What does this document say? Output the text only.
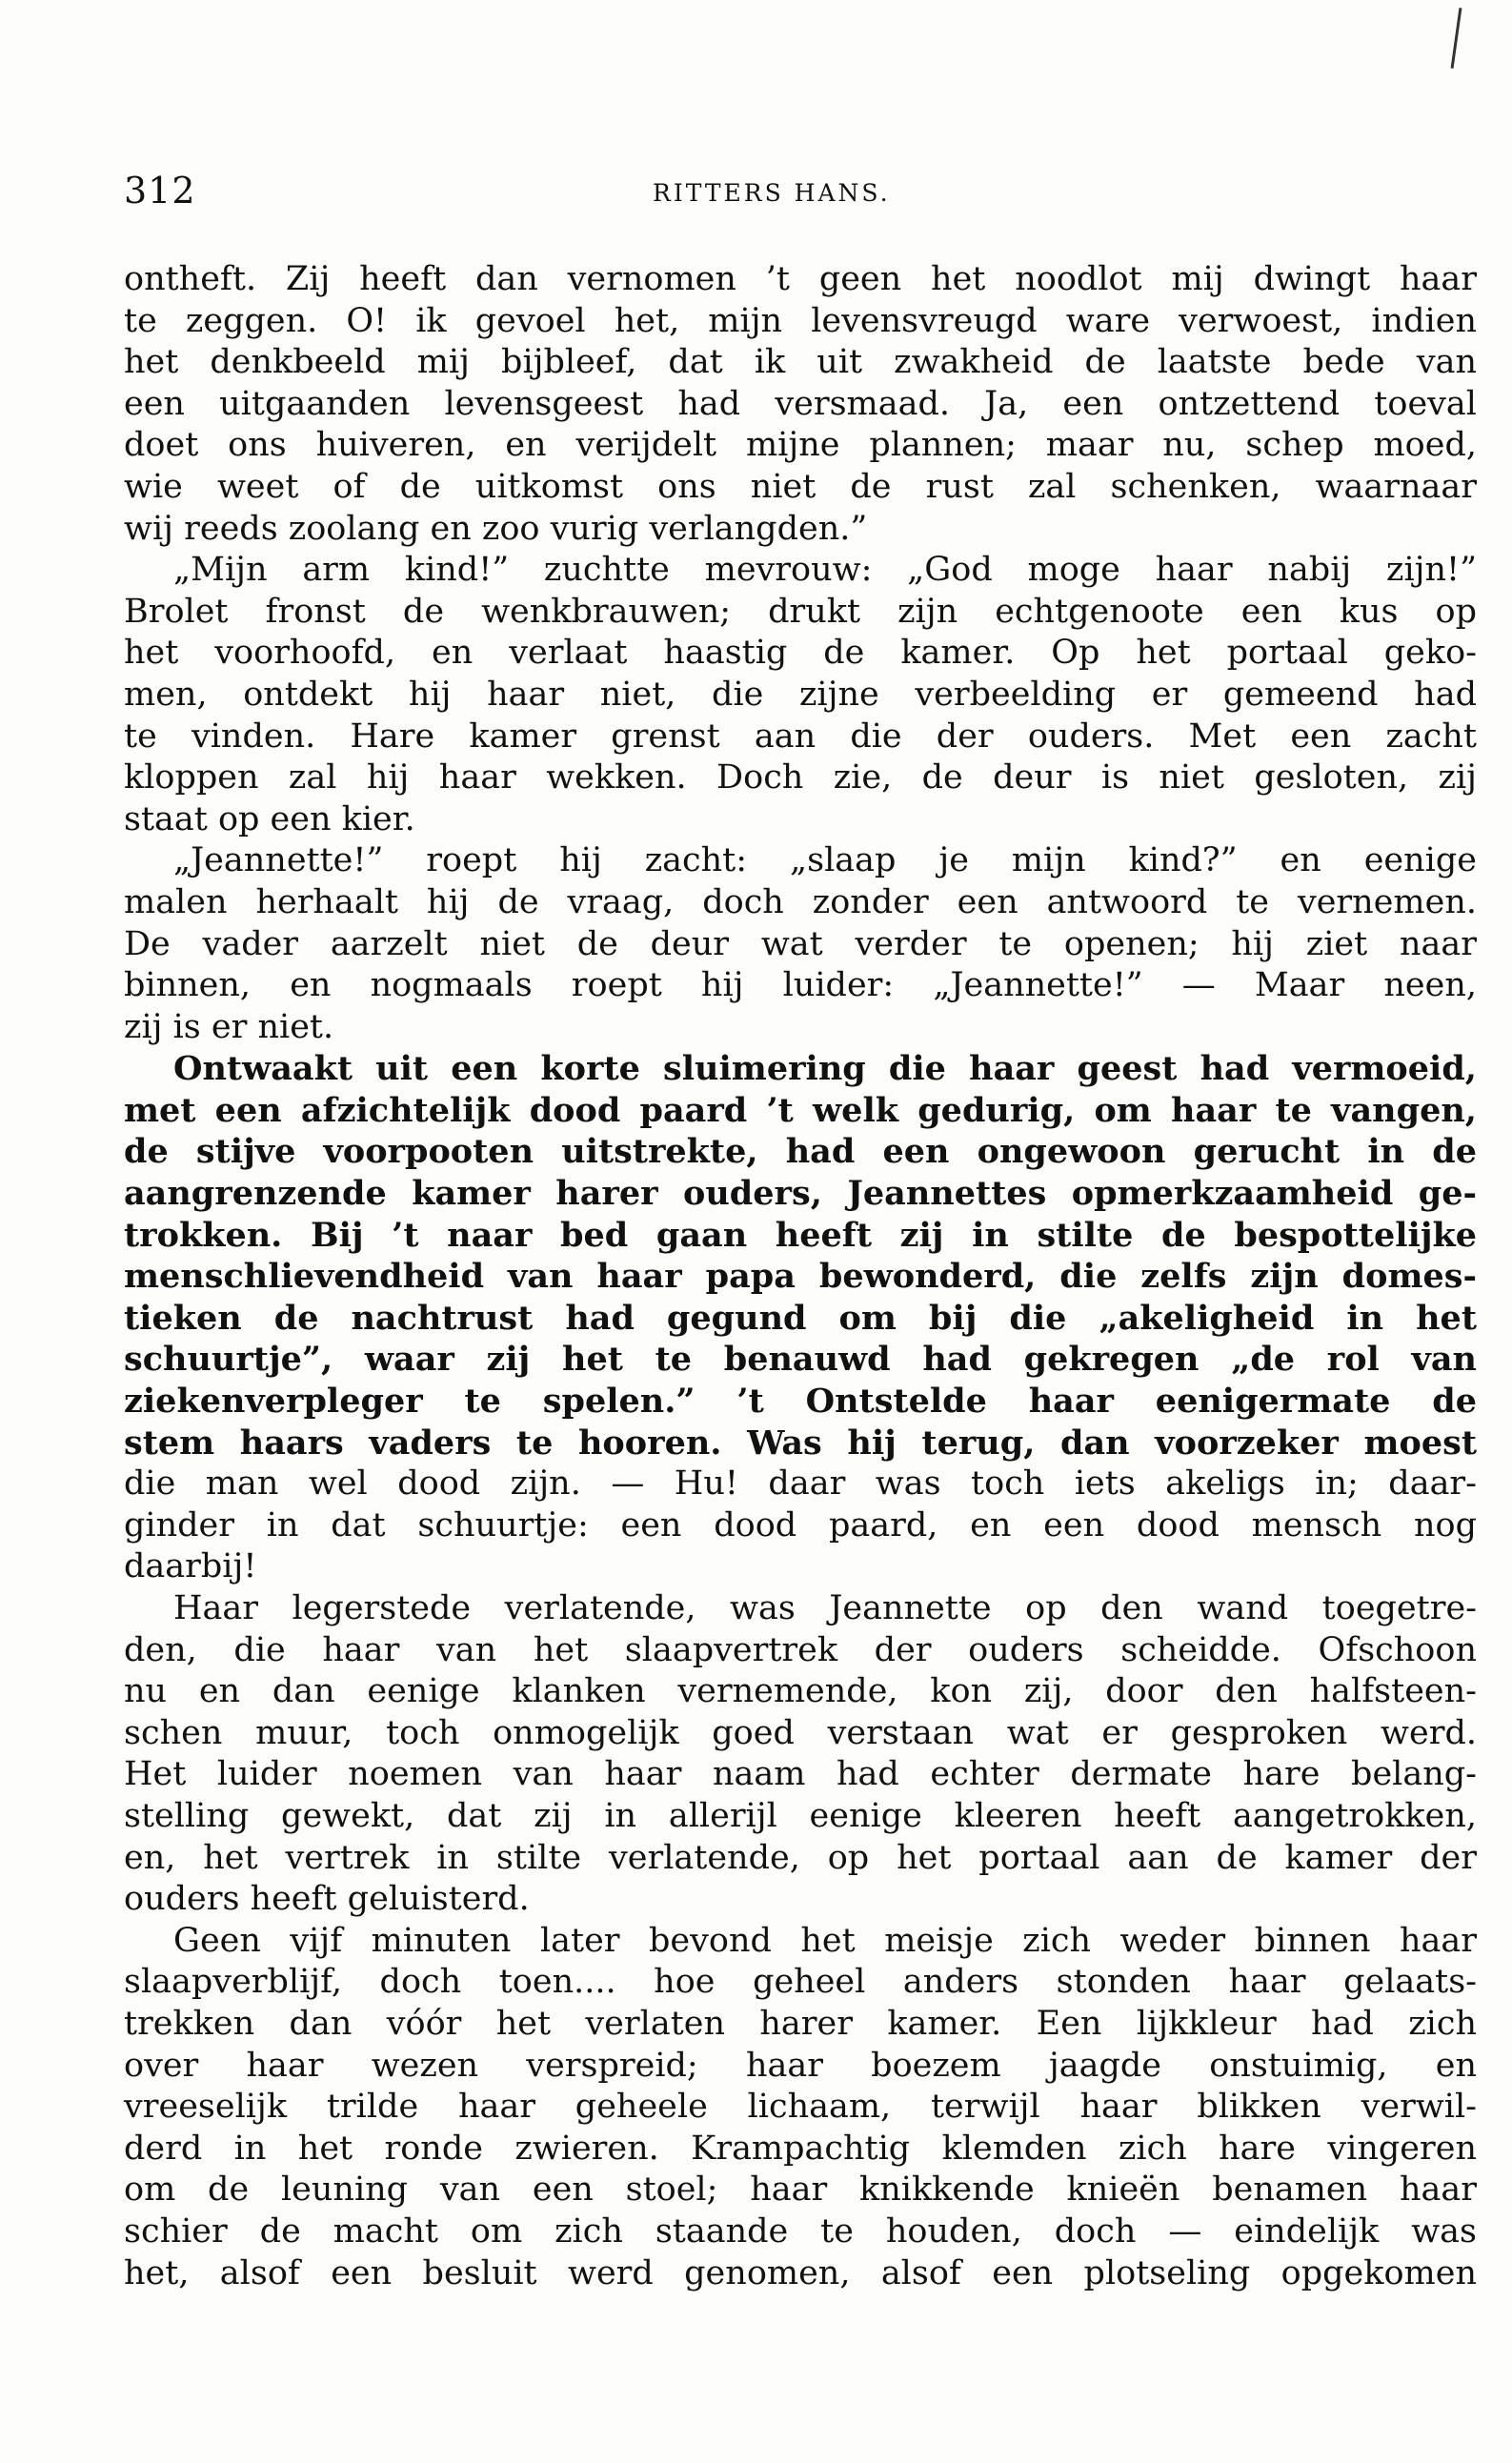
312	RITTERS HANS.
ontheft. Zij heeft dan vernomen ’t geen het noodlot mij dwingt haar
te zeggen. O! ik gevoel het, mijn levensvreugd ware verwoest, indien
het denkbeeld mij bijbleef, dat ik uit zwakheid de laatste bede van
een uitgaanden levensgeest had versmaad. Ja, een ontzettend toeval
doet ons huiveren, en verijdelt mijne plannen; maar nu, schep moed,
wie weet of de uitkomst ons niet de rust zal schenken, waarnaar
wij reeds zoolang en zoo vurig verlangden.”
„Mijn arm kind!” zuchtte mevrouw: „God moge haar nabij zijn!”
Brolet fronst de wenkbrauwen; drukt zijn echtgenoote een kus op
het voorhoofd, en verlaat haastig de kamer. Op het portaal geko-
men, ontdekt hij haar niet, die zijne verbeelding er gemeend had
te vinden. Hare kamer grenst aan die der ouders. Met een zacht
kloppen zal hij haar wekken. Doch zie, de deur is niet gesloten, zij
staat op een kier.
„Jeannette!” roept hij zacht: „slaap je mijn kind?” en eenige
malen herhaalt hij de vraag, doch zonder een antwoord te vernemen.
De vader aarzelt niet de deur wat verder te openen; hij ziet naar
binnen, en nogmaals roept hij luider: „Jeannette!” — Maar neen,
zij is er niet.
Ontwaakt uit een korte sluimering die haar geest had vermoeid,
met een afzichtelijk dood paard ’t welk gedurig, om haar te vangen,
de stijve voorpooten uitstrekte, had een ongewoon gerucht in de
aangrenzende kamer harer ouders, Jeannettes opmerkzaamheid ge-
trokken. Bij ’t naar bed gaan heeft zij in stilte de bespottelijke
menschlievendheid van haar papa bewonderd, die zelfs zijn domes-
tieken de nachtrust had gegund om bij die „akeligheid in het
schuurtje”, waar zij het te benauwd had gekregen „de rol van
ziekenverpleger te spelen.” ’t Ontstelde haar eenigermate de
stem haars vaders te hooren. Was hij terug, dan voorzeker moest
die man wel dood zijn. — Hu! daar was toch iets akeligs in; daar-
ginder in dat schuurtje: een dood paard, en een dood mensch nog
daarbij!
Haar legerstede verlatende, was Jeannette op den wand toegetre-
den, die haar van het slaapvertrek der ouders scheidde. Ofschoon
nu en dan eenige klanken vernemende, kon zij, door den halfsteen-
schen muur, toch onmogelijk goed verstaan wat er gesproken werd.
Het luider noemen van haar naam had echter dermate hare belang-
stelling gewekt, dat zij in allerijl eenige kleeren heeft aangetrokken,
en, het vertrek in stilte verlatende, op het portaal aan de kamer der
ouders heeft geluisterd.
Geen vijf minuten later bevond het meisje zich weder binnen haar
slaapverblijf, doch toen.... hoe geheel anders stonden haar gelaats-
trekken dan vóór het verlaten harer kamer. Een lijkkleur had zich
over haar wezen verspreid; haar boezem jaagde onstuimig, en
vreeselijk trilde haar geheele lichaam, terwijl haar blikken verwil-
derd in het ronde zwieren. Krampachtig klemden zich hare vingeren
om de leuning van een stoel; haar knikkende knieën benamen haar
schier de macht om zich staande te houden, doch — eindelijk was
het, alsof een besluit werd genomen, alsof een plotseling opgekomen
